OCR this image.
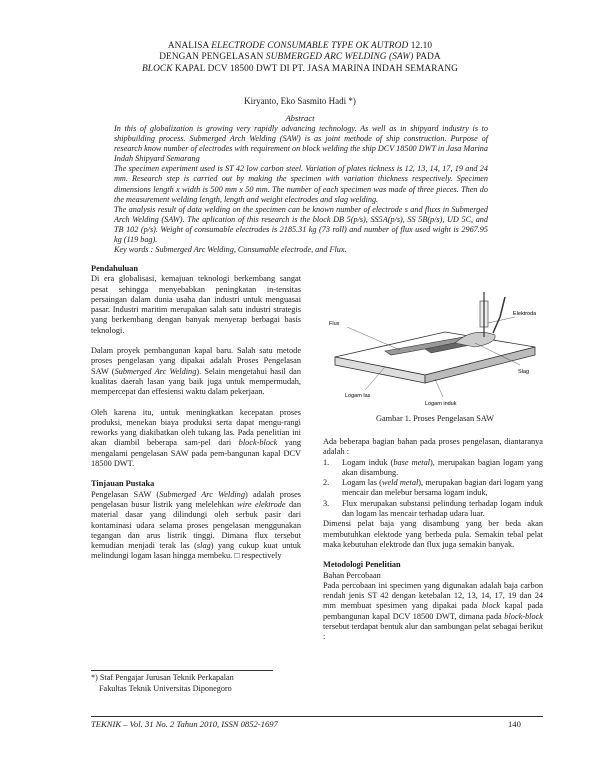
ANALISA ELECTRODE CONSUMABLE TYPE OK AUTROD 12.10
DENGAN PENGELASAN SUBMERGED ARC WELDING (SAW) PADA
BLOCK KAPAL DCV 18500 DWT DI PT. JASA MARINA INDAH SEMARANG
Kiryanto, Eko Sasmito Hadi *)
Abstract

In this of globalization is growing very rapidly advancing technology. As well as in shipyard industry is to shipbuilding process. Submerged Arch Welding (SAW) is as joint methode of ship construction. Purpose of research know number of electrodes with requirement on block welding the ship DCV 18500 DWT in Jasa Marina Indah Shipyard Semarang

The specimen experiment used is ST 42 low carbon steel. Variation of plates tickness is 12, 13, 14, 17, 19 and 24 mm. Research step is carried out by making the specimen with variation thickness respectively. Specimen dimensions length x width is 500 mm x 50 mm. The number of each specimen was made of three pieces. Then do the measurement welding length, length and weight electrodes and slag welding.

The analysis result of data welding on the specimen can be known number of electrode s and fluxs in Submerged Arch Welding (SAW). The aplication of this research is the block DB 5(p/s), SS5A(p/s), SS 5B(p/s), UD 5C, and TB 102 (p/s). Weight of consumable electrodes is 2185.31 kg (73 roll) and number of flux used wight is 2967.95 kg (119 bag).

Key words : Submerged Arc Welding, Consumable electrode, and Flux.

Pendahuluan

Di era globalisasi, kemajuan teknologi berkembang sangat pesat sehingga menyebabkan peningkatan in-tensitas persaingan dalam dunia usaha dan industri untuk menguasai pasar. Industri maritim merupakan salah satu industri strategis yang berkembang dengan banyak menyerap berbagai basis teknologi.

Dalam proyek pembangunan kapal baru. Salah satu metode proses pengelasan yang dipakai adalah Proses Pengelasan SAW (Submerged Arc Welding). Selain mengetahui hasil dan kualitas daerah lasan yang baik juga untuk mempermudah, mempercepat dan effesiensi waktu dalam pekerjaan.

Oleh karena itu, untuk meningkatkan kecepatan proses produksi, menekan biaya produksi serta dapat mengu-rangi reworks yang diakibatkan oleh tukang las. Pada penelitian ini akan diambil beberapa sam-pel dari block-block yang mengalami pengelasan SAW pada pem-bangunan kapal DCV 18500 DWT.

Tinjauan Pustaka

Pengelasan SAW (Submerged Arc Welding) adalah proses pengelasan busur listrik yang melelehkan wire elektrode dan material dasar yang dilindungi oleh serbuk pasir dari kontaminasi udara selama proses pengelasan menggunakan tegangan dan arus listrik tinggi. Dimana flux tersebut kemudian menjadi terak las (slag) yang cukup kuat untuk melindungi logam lasan hingga membeku. □ respectively

Flux
Logam las
Logam induk
Elektroda
Slag
Gambar 1. Proses Pengelasan SAW

Ada beberapa bagian bahan pada proses pengelasan, diantaranya adalah :

1.	Logam induk (base metal), merupakan bagian logam yang akan disambung.
2.	Logam las (weld metal), merupakan bagian dari logam yang mencair dan melebur bersama logam induk,
3.	Flux merupakan substansi pelindung terhadap logam induk dan logam las mencair terhadap udara luar.

Dimensi pelat baja yang disambung yang ber beda akan membutuhkan elektode yang berbeda pula. Semakin tebal pelat maka kebutuhan elektrode dan flux juga semakin banyak.

Metodologi Penelitian

Bahan Percobaan

Pada percobaan ini specimen yang digunakan adalah baja carbon rendah jenis ST 42 dengan ketebalan 12, 13, 14, 17, 19 dan 24 mm membuat spesimen yang dipakai pada block kapal pada pembangunan kapal DCV 18500 DWT, dimana pada block-block tersebut terdapat bentuk alur dan sambungan pelat sebagai berikut :

*) Staf Pengajar Jurusan Teknik Perkapalan
Fakultas Teknik Universitas Diponegoro
TEKNIK – Vol. 31 No. 2 Tahun 2010, ISSN 0852-1697	140
